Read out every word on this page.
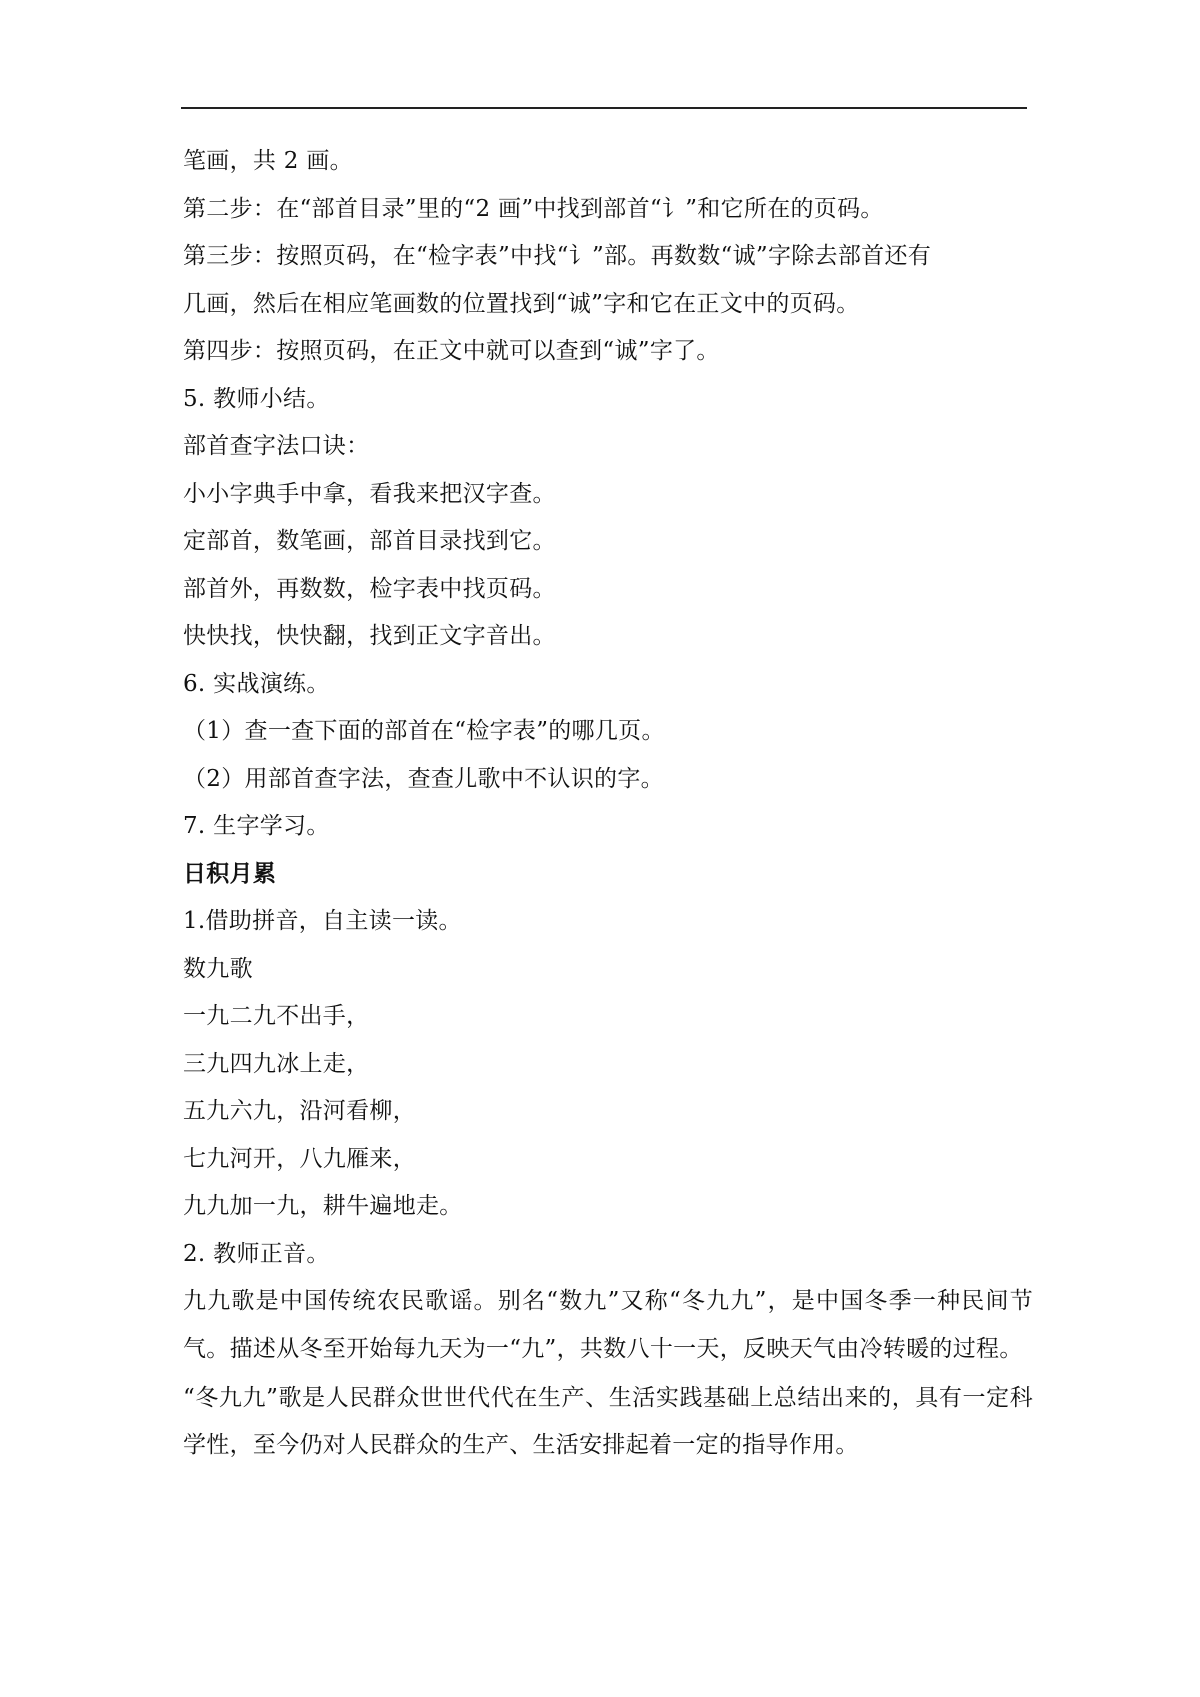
笔画，共 2 画。
第二步：在“部首目录”里的“2 画”中找到部首“讠”和它所在的页码。
第三步：按照页码，在“检字表”中找“讠”部。再数数“诚”字除去部首还有
几画，然后在相应笔画数的位置找到“诚”字和它在正文中的页码。
第四步：按照页码，在正文中就可以查到“诚”字了。
5. 教师小结。
部首查字法口诀：
小小字典手中拿，看我来把汉字查。
定部首，数笔画，部首目录找到它。
部首外，再数数，检字表中找页码。
快快找，快快翻，找到正文字音出。
6. 实战演练。
（1）查一查下面的部首在“检字表”的哪几页。
（2）用部首查字法，查查儿歌中不认识的字。
7. 生字学习。
日积月累
1.借助拼音，自主读一读。
数九歌
一九二九不出手，
三九四九冰上走，
五九六九，沿河看柳，
七九河开，八九雁来，
九九加一九，耕牛遍地走。
2. 教师正音。

九九歌是中国传统农民歌谣。别名“数九”又称“冬九九”，是中国冬季一种民间节气。描述从冬至开始每九天为一“九”，共数八十一天，反映天气由冷转暖的过程。

“冬九九”歌是人民群众世世代代在生产、生活实践基础上总结出来的，具有一定科学性，至今仍对人民群众的生产、生活安排起着一定的指导作用。
